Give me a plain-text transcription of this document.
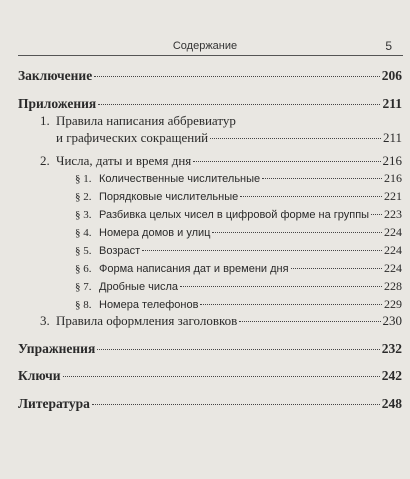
Содержание	5
Заключение	206
Приложения	211
1. Правила написания аббревиатур
и графических сокращений	211
2. Числа, даты и время дня	216
§ 1. Количественные числительные	216
§ 2. Порядковые числительные	221
§ 3. Разбивка целых чисел в цифровой форме на группы 223
§ 4. Номера домов и улиц	224
§ 5. Возраст	224
§ 6. Форма написания дат и времени дня	224
§ 7. Дробные числа	228
§ 8. Номера телефонов	229
3. Правила оформления заголовков	230
Упражнения	232
Ключи	242
Литература	248
